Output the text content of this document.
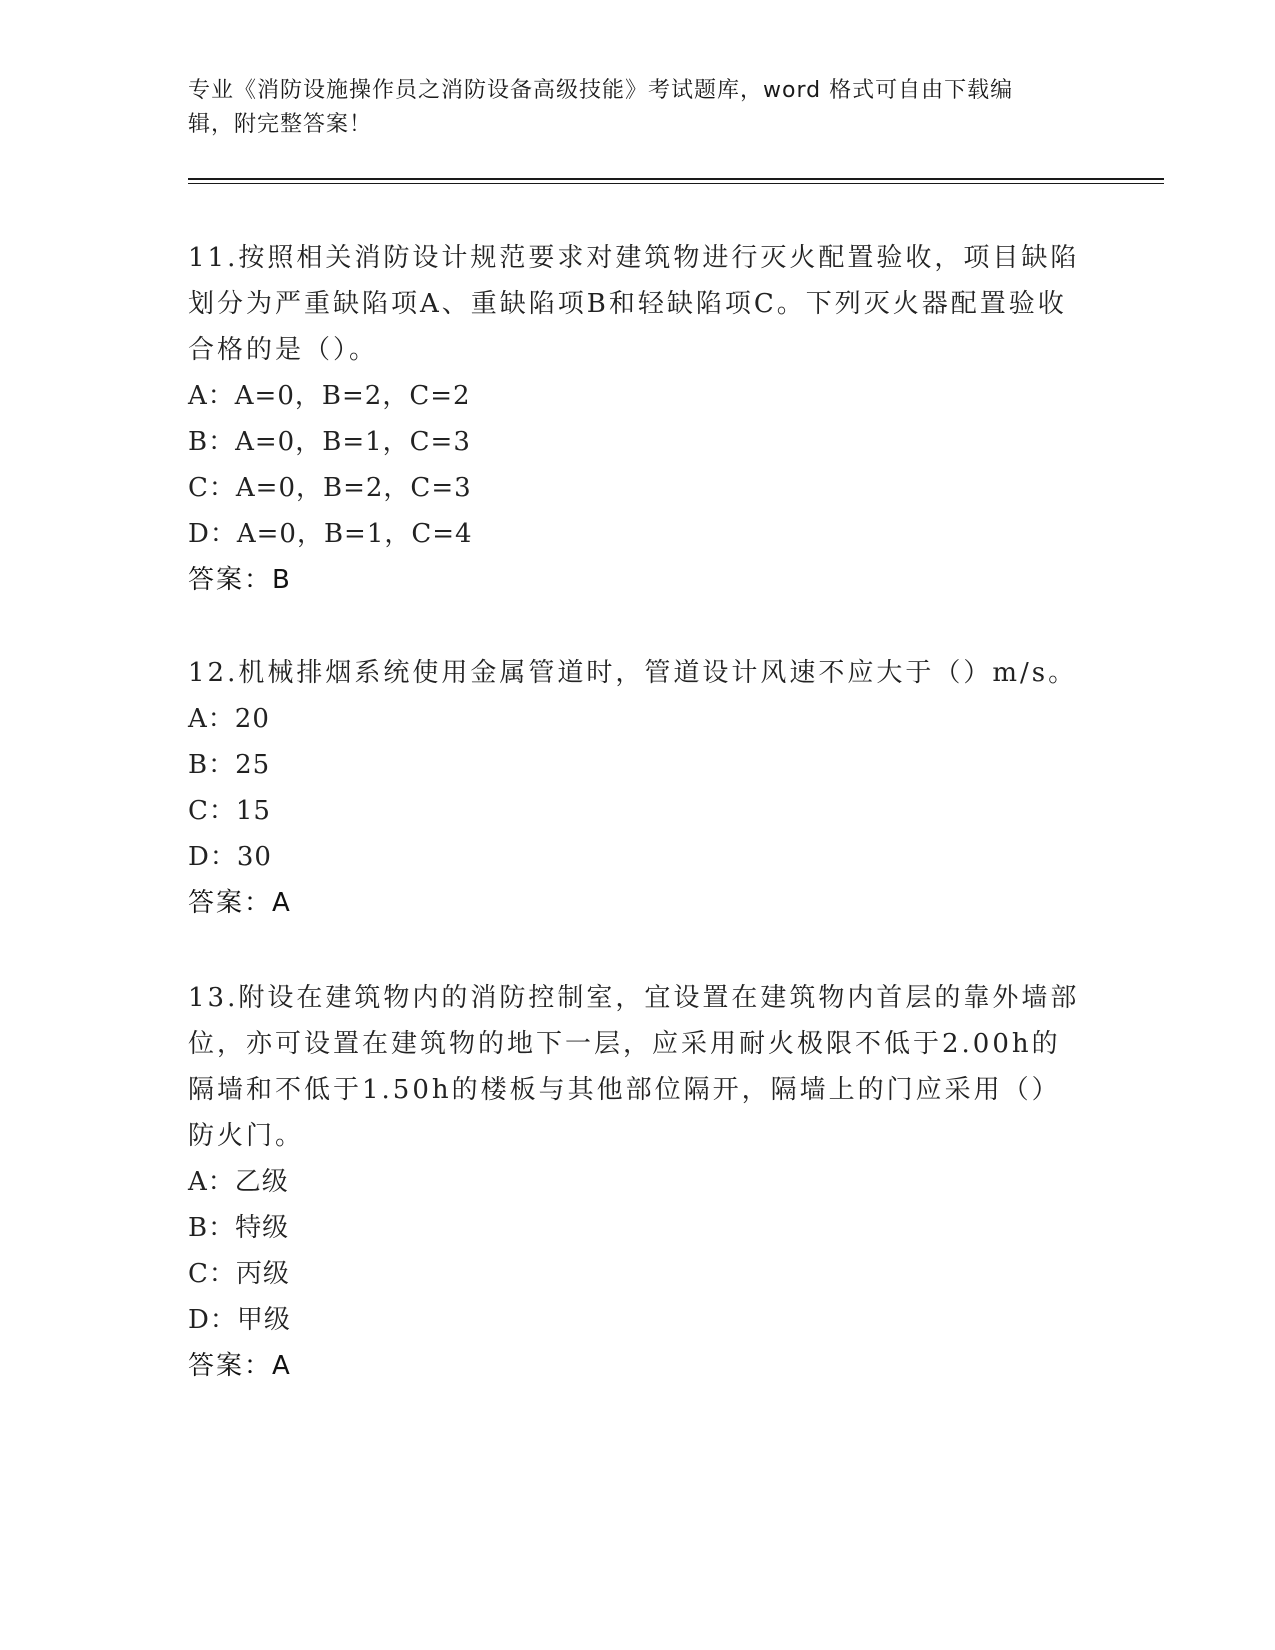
专业《消防设施操作员之消防设备高级技能》考试题库，word 格式可自由下载编
辑，附完整答案！

11.按照相关消防设计规范要求对建筑物进行灭火配置验收，项目缺陷

划分为严重缺陷项A、重缺陷项B和轻缺陷项C。下列灭火器配置验收

合格的是（）。

A：A=0，B=2，C=2

B：A=0，B=1，C=3

C：A=0，B=2，C=3

D：A=0，B=1，C=4

答案：B

12.机械排烟系统使用金属管道时，管道设计风速不应大于（）m/s。

A：20

B：25

C：15

D：30

答案：A

13.附设在建筑物内的消防控制室，宜设置在建筑物内首层的靠外墙部

位，亦可设置在建筑物的地下一层，应采用耐火极限不低于2.00h的

隔墙和不低于1.50h的楼板与其他部位隔开，隔墙上的门应采用（）

防火门。

A：乙级

B：特级

C：丙级

D：甲级

答案：A
